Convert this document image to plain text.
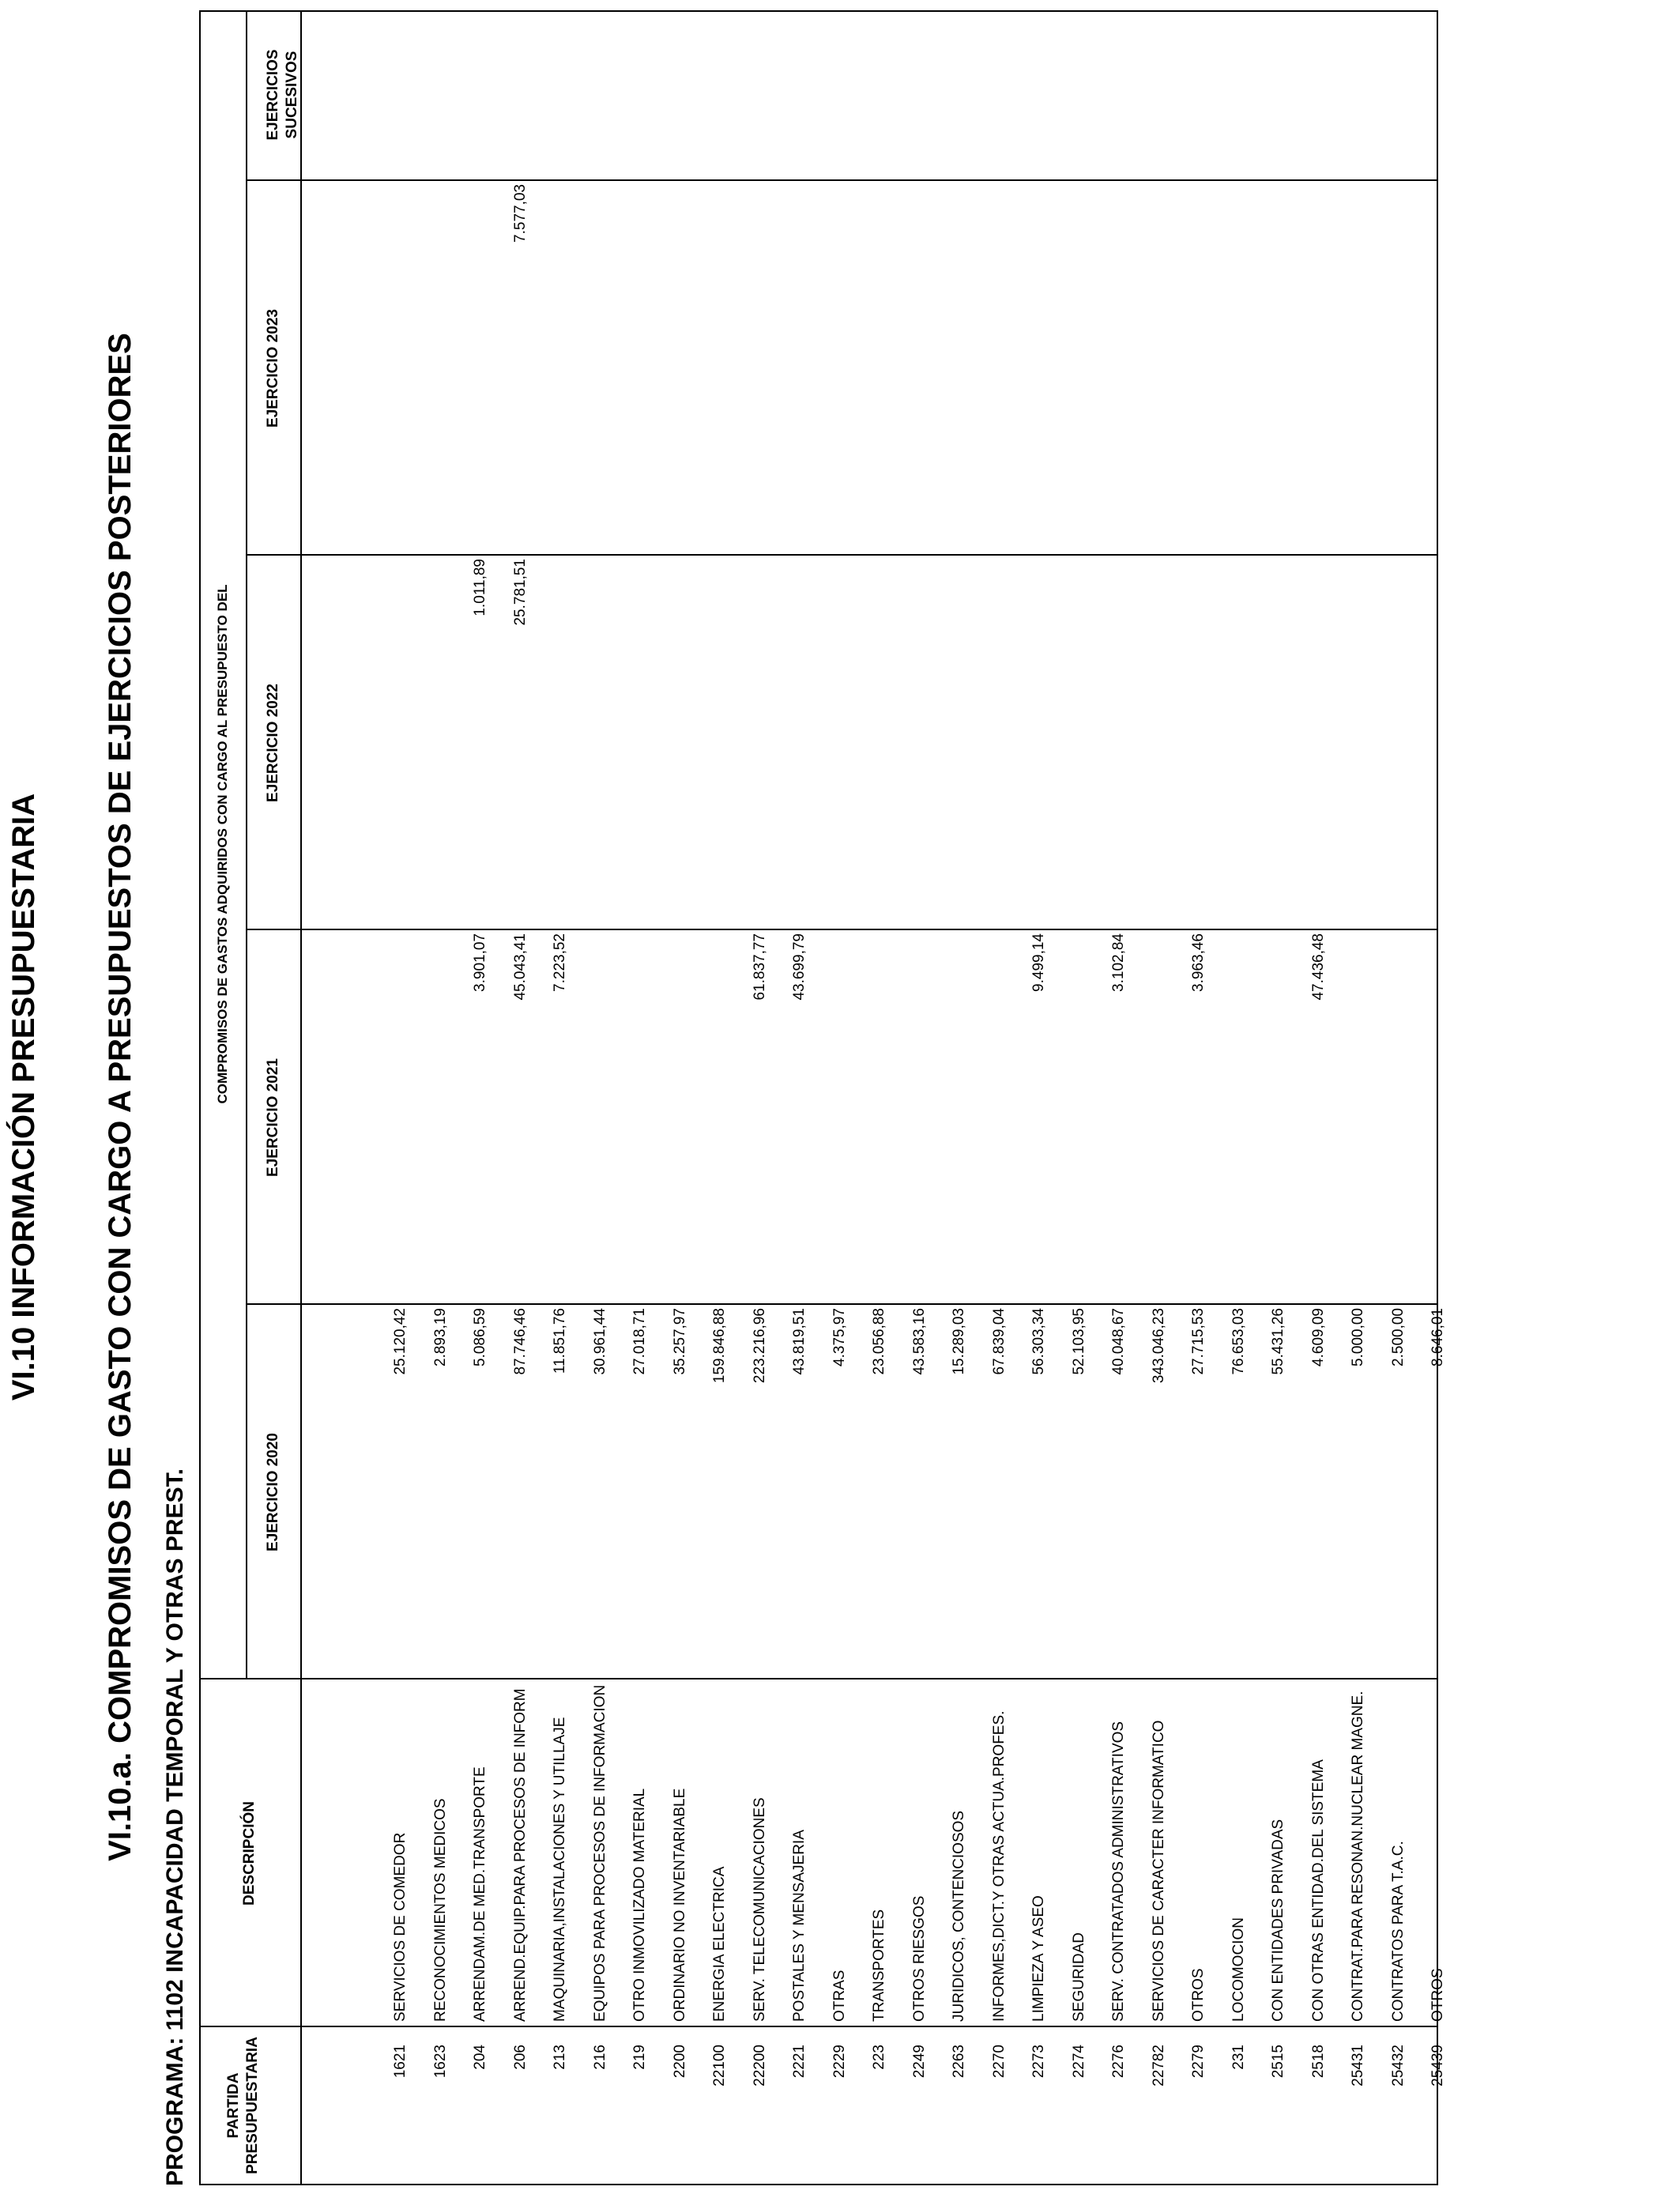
VI.10 INFORMACIÓN PRESUPUESTARIA VI.10.a. COMPROMISOS DE GASTO CON CARGO A PRESUPUESTOS DE EJERCICIOS POSTERIORES PROGRAMA: 1102 INCAPACIDAD TEMPORAL Y OTRAS PREST. PARTIDA PRESUPUESTARIA
DESCRIPCIÓN
COMPROMISOS DE GASTOS ADQUIRIDOS CON CARGO AL PRESUPUESTO DEL
EJERCICIO 2020
EJERCICIO 2021
EJERCICIO 2022
EJERCICIO 2023
EJERCICIOS SUCESIVOS
1621
SERVICIOS DE COMEDOR
25.120,42
1623
RECONOCIMIENTOS MEDICOS
2.893,19
204
ARRENDAM.DE MED.TRANSPORTE
5.086,59
3.901,07
1.011,89
206
ARREND.EQUIP.PARA PROCESOS DE INFORM
87.746,46
45.043,41
25.781,51
7.577,03
213
MAQUINARIA,INSTALACIONES Y UTILLAJE
11.851,76
7.223,52
216
EQUIPOS PARA PROCESOS DE INFORMACION
30.961,44
219
OTRO INMOVILIZADO MATERIAL
27.018,71
2200
ORDINARIO NO INVENTARIABLE
35.257,97
22100
ENERGIA ELECTRICA
159.846,88
22200
SERV. TELECOMUNICACIONES
223.216,96
61.837,77
2221
POSTALES Y MENSAJERIA
43.819,51
43.699,79
2229
OTRAS
4.375,97
223
TRANSPORTES
23.056,88
2249
OTROS RIESGOS
43.583,16
2263
JURIDICOS, CONTENCIOSOS
15.289,03
2270
INFORMES,DICT.Y OTRAS ACTUA.PROFES.
67.839,04
2273
LIMPIEZA Y ASEO
56.303,34
9.499,14
2274
SEGURIDAD
52.103,95
2276
SERV. CONTRATADOS ADMINISTRATIVOS
40.048,67
3.102,84
22782
SERVICIOS DE CARACTER INFORMATICO
343.046,23
2279
OTROS
27.715,53
3.963,46
231
LOCOMOCION
76.653,03
2515
CON ENTIDADES PRIVADAS
55.431,26
2518
CON OTRAS ENTIDAD.DEL SISTEMA
4.609,09
47.436,48
25431
CONTRAT.PARA RESONAN.NUCLEAR MAGNE.
5.000,00
25432
CONTRATOS PARA T.A.C.
2.500,00
25439
OTROS
8.646,01
